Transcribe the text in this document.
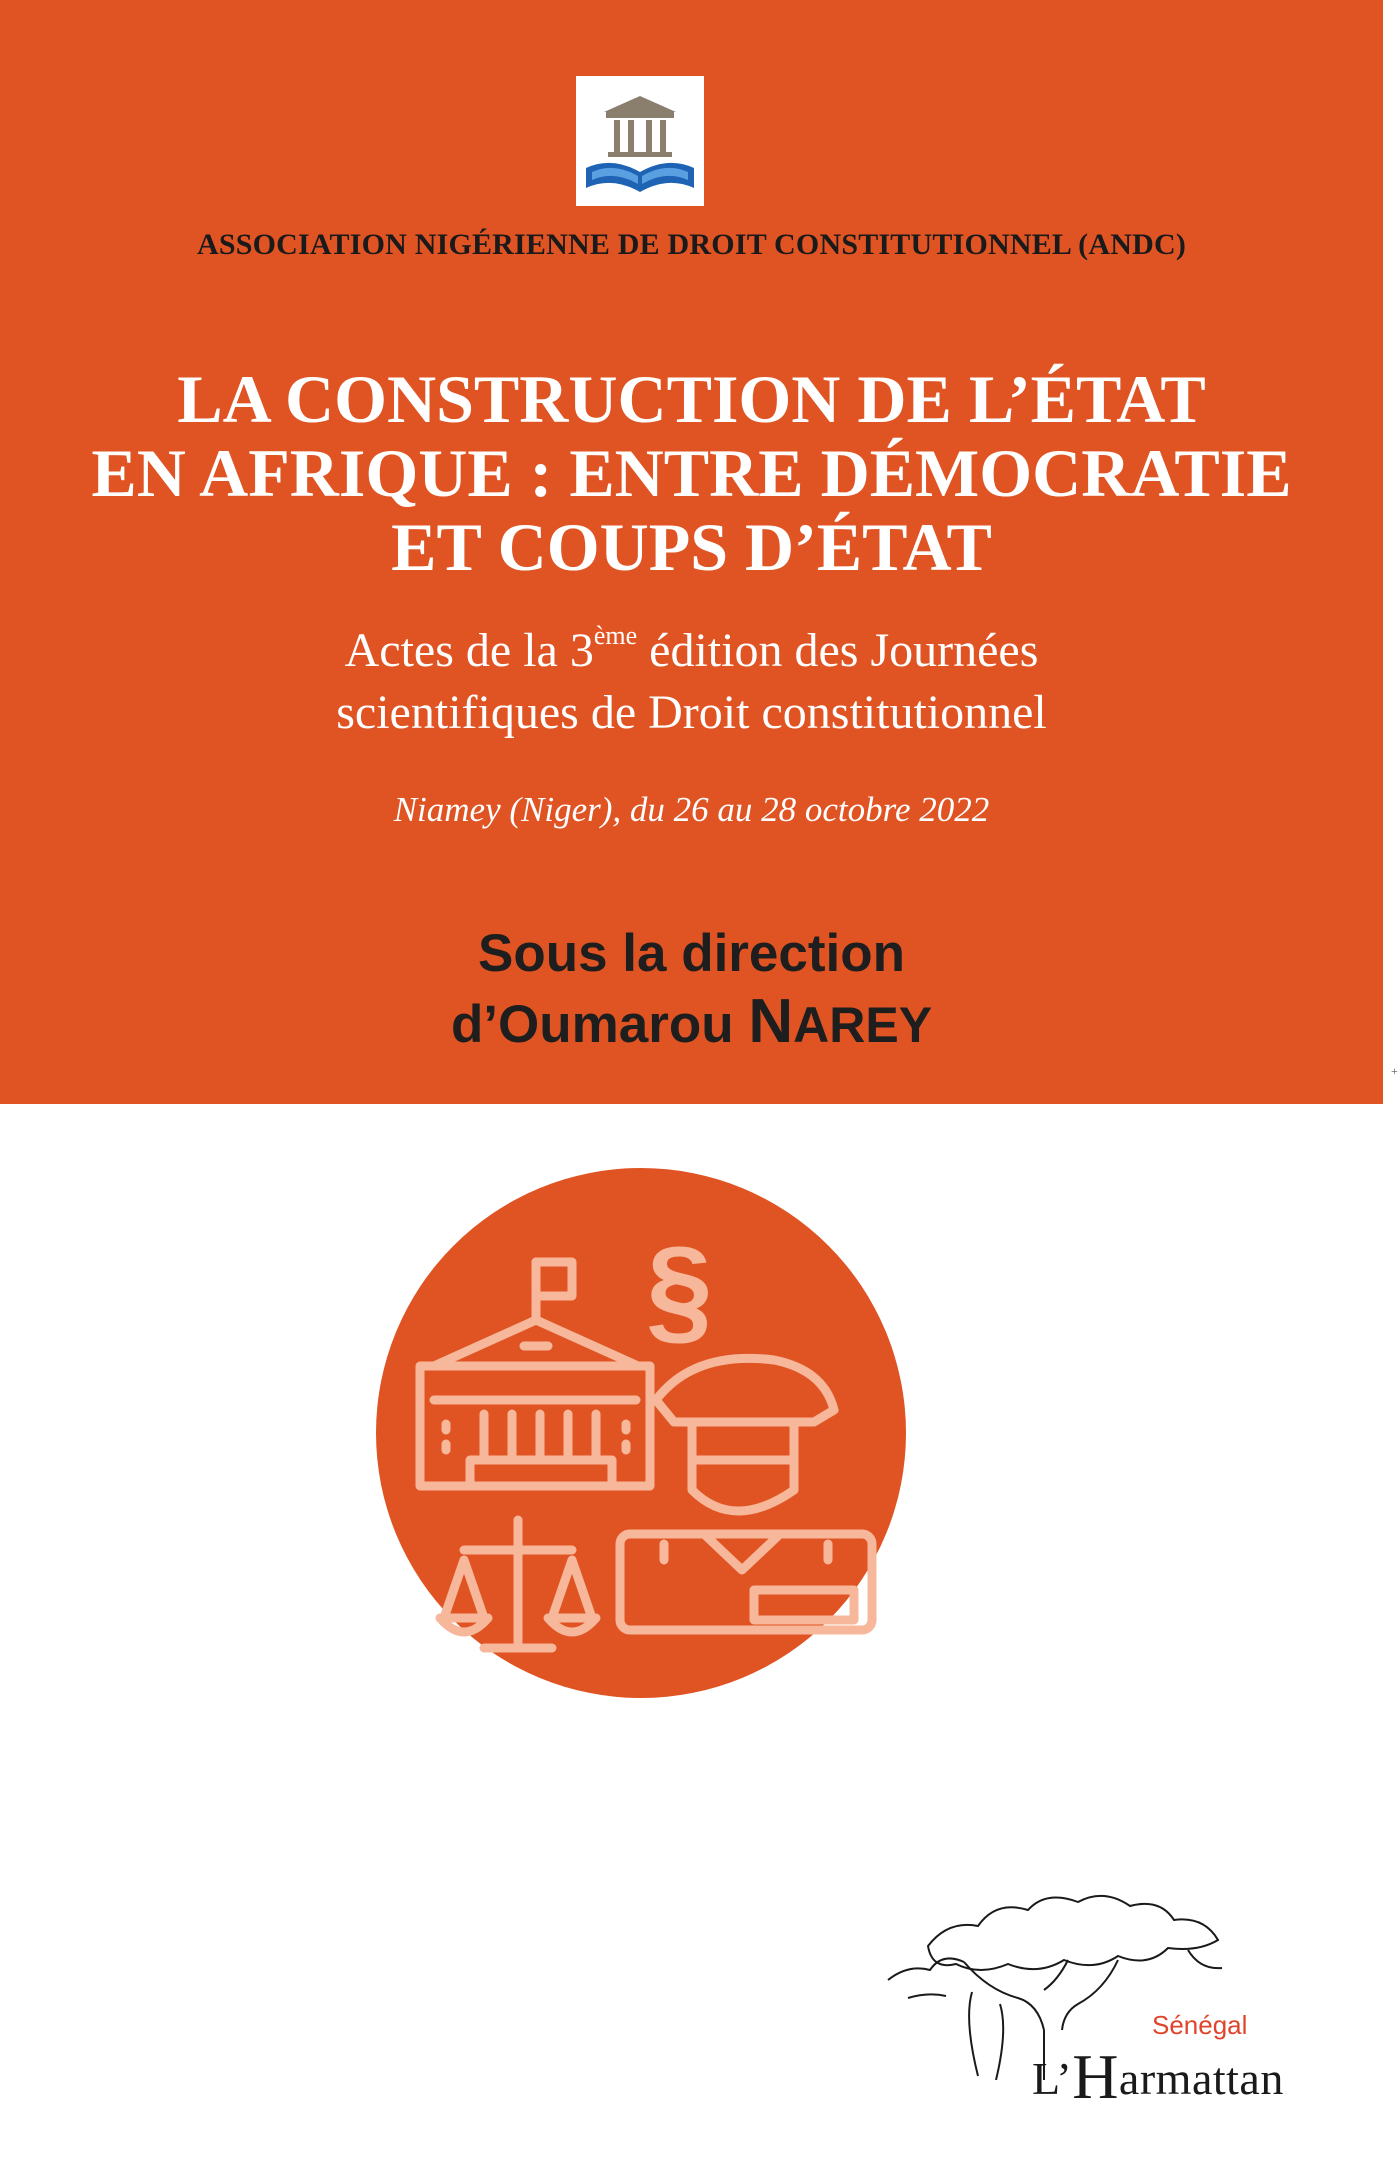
ASSOCIATION NIGÉRIENNE DE DROIT CONSTITUTIONNEL (ANDC)
LA CONSTRUCTION DE L’ÉTAT
EN AFRIQUE : ENTRE DÉMOCRATIE
ET COUPS D’ÉTAT
Actes de la 3ème édition des Journées
scientifiques de Droit constitutionnel
Niamey (Niger), du 26 au 28 octobre 2022
Sous la direction
d’Oumarou NAREY
+
§
Sénégal
L’Harmattan
